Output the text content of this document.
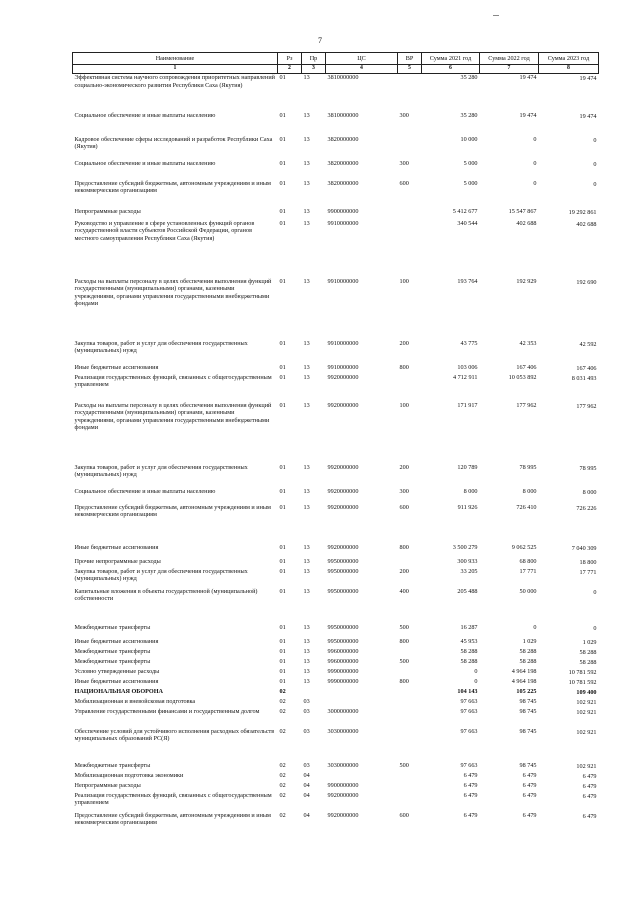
7
Наименование	Рз	Пр	ЦС	ВР	Сумма 2021 год	Сумма 2022 год	Сумма 2023 год
1	2	3	4	5	6	7	8
Эффективная система научного сопровождения приоритетных направлений социально-экономического развития Республики Саха (Якутия)	01	13	3810000000		35 280	19 474	19 474
Социальное обеспечение и иные выплаты населению	01	13	3810000000	300	35 280	19 474	19 474
Кадровое обеспечение сферы исследований и разработок Республики Саха (Якутия)	01	13	3820000000		10 000	0	0
Социальное обеспечение и иные выплаты населению	01	13	3820000000	300	5 000	0	0
Предоставление субсидий бюджетным, автономным учреждениям и иным некоммерческим организациям	01	13	3820000000	600	5 000	0	0
Непрограммные расходы	01	13	9900000000		5 412 677	15 547 867	19 292 861
Руководство и управление в сфере установленных функций органов государственной власти субъектов Российской Федерации, органов местного самоуправления Республики Саха (Якутия)	01	13	9910000000		340 544	402 688	402 688
Расходы на выплаты персоналу в целях обеспечения выполнения функций государственными (муниципальными) органами, казенными учреждениями, органами управления государственными внебюджетными фондами	01	13	9910000000	100	193 764	192 929	192 690
Закупка товаров, работ и услуг для обеспечения государственных (муниципальных) нужд	01	13	9910000000	200	43 775	42 353	42 592
Иные бюджетные ассигнования	01	13	9910000000	800	103 006	167 406	167 406
Реализация государственных функций, связанных с общегосударственным управлением	01	13	9920000000		4 712 911	10 053 892	8 031 493
Расходы на выплаты персоналу в целях обеспечения выполнения функций государственными (муниципальными) органами, казенными учреждениями, органами управления государственными внебюджетными фондами	01	13	9920000000	100	171 917	177 962	177 962
Закупка товаров, работ и услуг для обеспечения государственных (муниципальных) нужд	01	13	9920000000	200	120 789	78 995	78 995
Социальное обеспечение и иные выплаты населению	01	13	9920000000	300	8 000	8 000	8 000
Предоставление субсидий бюджетным, автономным учреждениям и иным некоммерческим организациям	01	13	9920000000	600	911 926	726 410	726 226
Иные бюджетные ассигнования	01	13	9920000000	800	3 500 279	9 062 525	7 040 309
Прочие непрограммные расходы	01	13	9950000000		300 933	68 800	18 800
Закупка товаров, работ и услуг для обеспечения государственных (муниципальных) нужд	01	13	9950000000	200	33 205	17 771	17 771
Капитальные вложения в объекты государственной (муниципальной) собственности	01	13	9950000000	400	205 488	50 000	0
Межбюджетные трансферты	01	13	9950000000	500	16 287	0	0
Иные бюджетные ассигнования	01	13	9950000000	800	45 953	1 029	1 029
Межбюджетные трансферты	01	13	9960000000		58 288	58 288	58 288
Межбюджетные трансферты	01	13	9960000000	500	58 288	58 288	58 288
Условно утвержденные расходы	01	13	9990000000		0	4 964 198	10 781 592
Иные бюджетные ассигнования	01	13	9990000000	800	0	4 964 198	10 781 592
НАЦИОНАЛЬНАЯ ОБОРОНА	02				104 143	105 225	109 400
Мобилизационная и вневойсковая подготовка	02	03			97 663	98 745	102 921
Управление государственными финансами и государственным долгом	02	03	3000000000		97 663	98 745	102 921
Обеспечение условий для устойчивого исполнения расходных обязательств муниципальных образований РС(Я)	02	03	3030000000		97 663	98 745	102 921
Межбюджетные трансферты	02	03	3030000000	500	97 663	98 745	102 921
Мобилизационная подготовка экономики	02	04			6 479	6 479	6 479
Непрограммные расходы	02	04	9900000000		6 479	6 479	6 479
Реализация государственных функций, связанных с общегосударственным управлением	02	04	9920000000		6 479	6 479	6 479
Предоставление субсидий бюджетным, автономным учреждениям и иным некоммерческим организациям	02	04	9920000000	600	6 479	6 479	6 479
